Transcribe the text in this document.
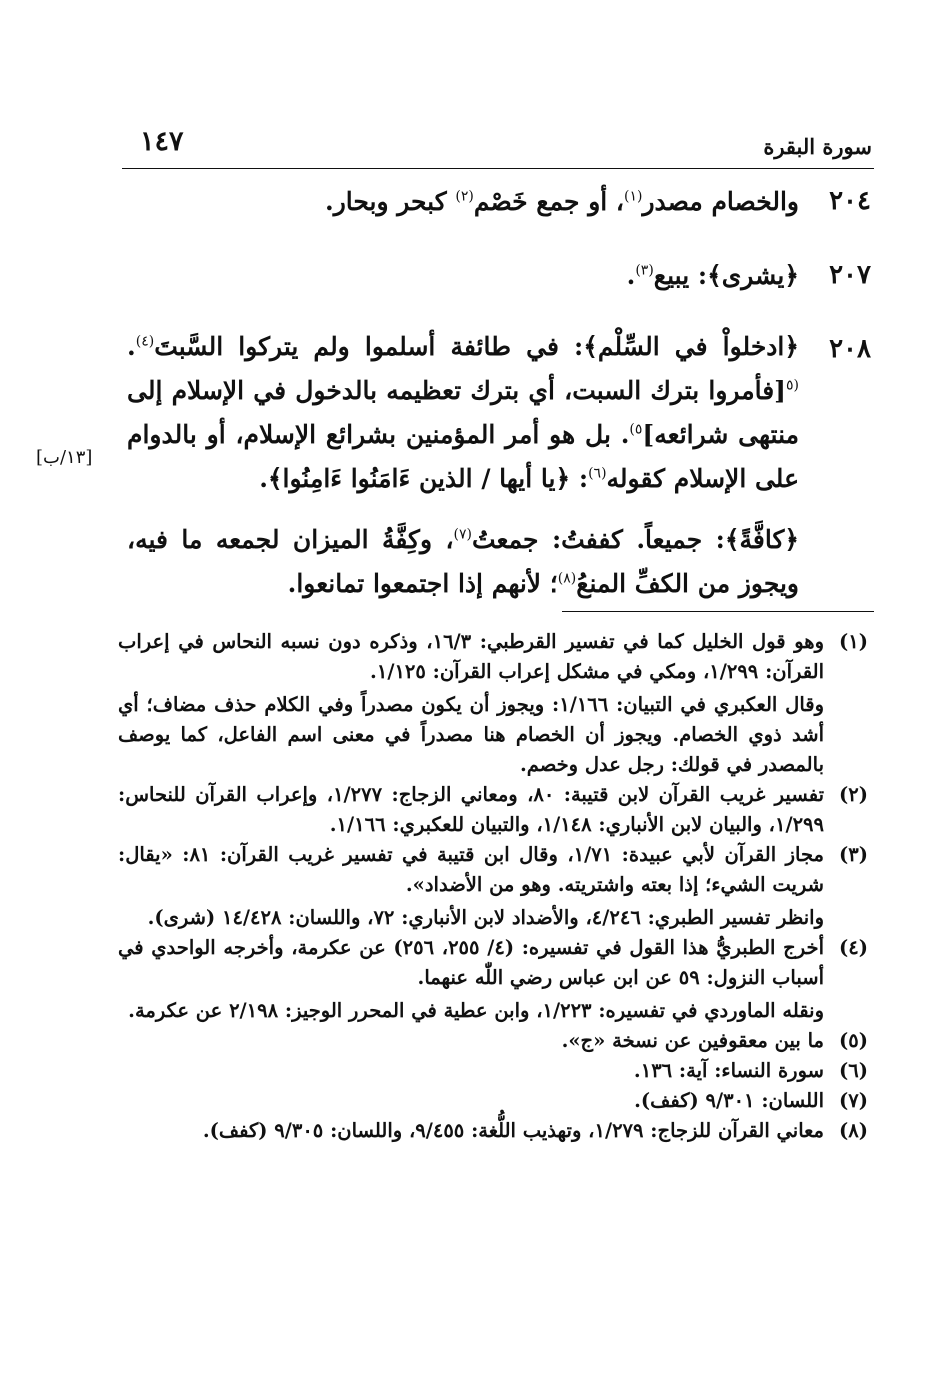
١٤٧	سورة البقرة
٢٠٤

والخصام مصدر$^{(١)}$، أو جمع خَصْم$^{(٢)}$ كبحر وبحار.

٢٠٧

﴿يشرى﴾: يبيع$^{(٣)}$.

٢٠٨

﴿ادخلواْ في السِّلْم﴾: في طائفة أسلموا ولم يتركوا السَّبتَ$^{(٤)}$. $^{(٥}$[فأمروا بترك السبت، أي بترك تعظيمه بالدخول في الإسلام إلى منتهى شرائعه]$^{٥)}$. بل هو أمر المؤمنين بشرائع الإسلام، أو بالدوام على الإسلام كقوله$^{(٦)}$: ﴿يا أيها / الذين ءَامَنُوا ءَامِنُوا﴾.

[١٣/ب]

﴿كافَّةً﴾: جميعاً. كففتُ: جمعتُ$^{(٧)}$، وكِفَّةُ الميزان لجمعه ما فيه، ويجوز من الكفِّ المنعُ$^{(٨)}$؛ لأنهم إذا اجتمعوا تمانعوا.

(١)

وهو قول الخليل كما في تفسير القرطبي: ١٦/٣، وذكره دون نسبه النحاس في إعراب القرآن: ١/٢٩٩، ومكي في مشكل إعراب القرآن: ١/١٢٥.

وقال العكبري في التبيان: ١/١٦٦: ويجوز أن يكون مصدراً وفي الكلام حذف مضاف؛ أي أشد ذوي الخصام. ويجوز أن الخصام هنا مصدراً في معنى اسم الفاعل، كما يوصف بالمصدر في قولك: رجل عدل وخصم.

(٢)

تفسير غريب القرآن لابن قتيبة: ٨٠، ومعاني الزجاج: ١/٢٧٧، وإعراب القرآن للنحاس: ١/٢٩٩، والبيان لابن الأنباري: ١/١٤٨، والتبيان للعكبري: ١/١٦٦.

(٣)

مجاز القرآن لأبي عبيدة: ١/٧١، وقال ابن قتيبة في تفسير غريب القرآن: ٨١: «يقال: شريت الشيء؛ إذا بعته واشتريته. وهو من الأضداد».

وانظر تفسير الطبري: ٤/٢٤٦، والأضداد لابن الأنباري: ٧٢، واللسان: ١٤/٤٢٨ (شرى).

(٤)

أخرج الطبريُّ هذا القول في تفسيره: (٤/ ٢٥٥، ٢٥٦) عن عكرمة، وأخرجه الواحدي في أسباب النزول: ٥٩ عن ابن عباس رضي اللّٰه عنهما.

ونقله الماوردي في تفسيره: ١/٢٢٣، وابن عطية في المحرر الوجيز: ٢/١٩٨ عن عكرمة.

(٥)

ما بين معقوفين عن نسخة «ج».

(٦)

سورة النساء: آية: ١٣٦.

(٧)

اللسان: ٩/٣٠١ (كفف).

(٨)

معاني القرآن للزجاج: ١/٢٧٩، وتهذيب اللُّغة: ٩/٤٥٥، واللسان: ٩/٣٠٥ (كفف).
